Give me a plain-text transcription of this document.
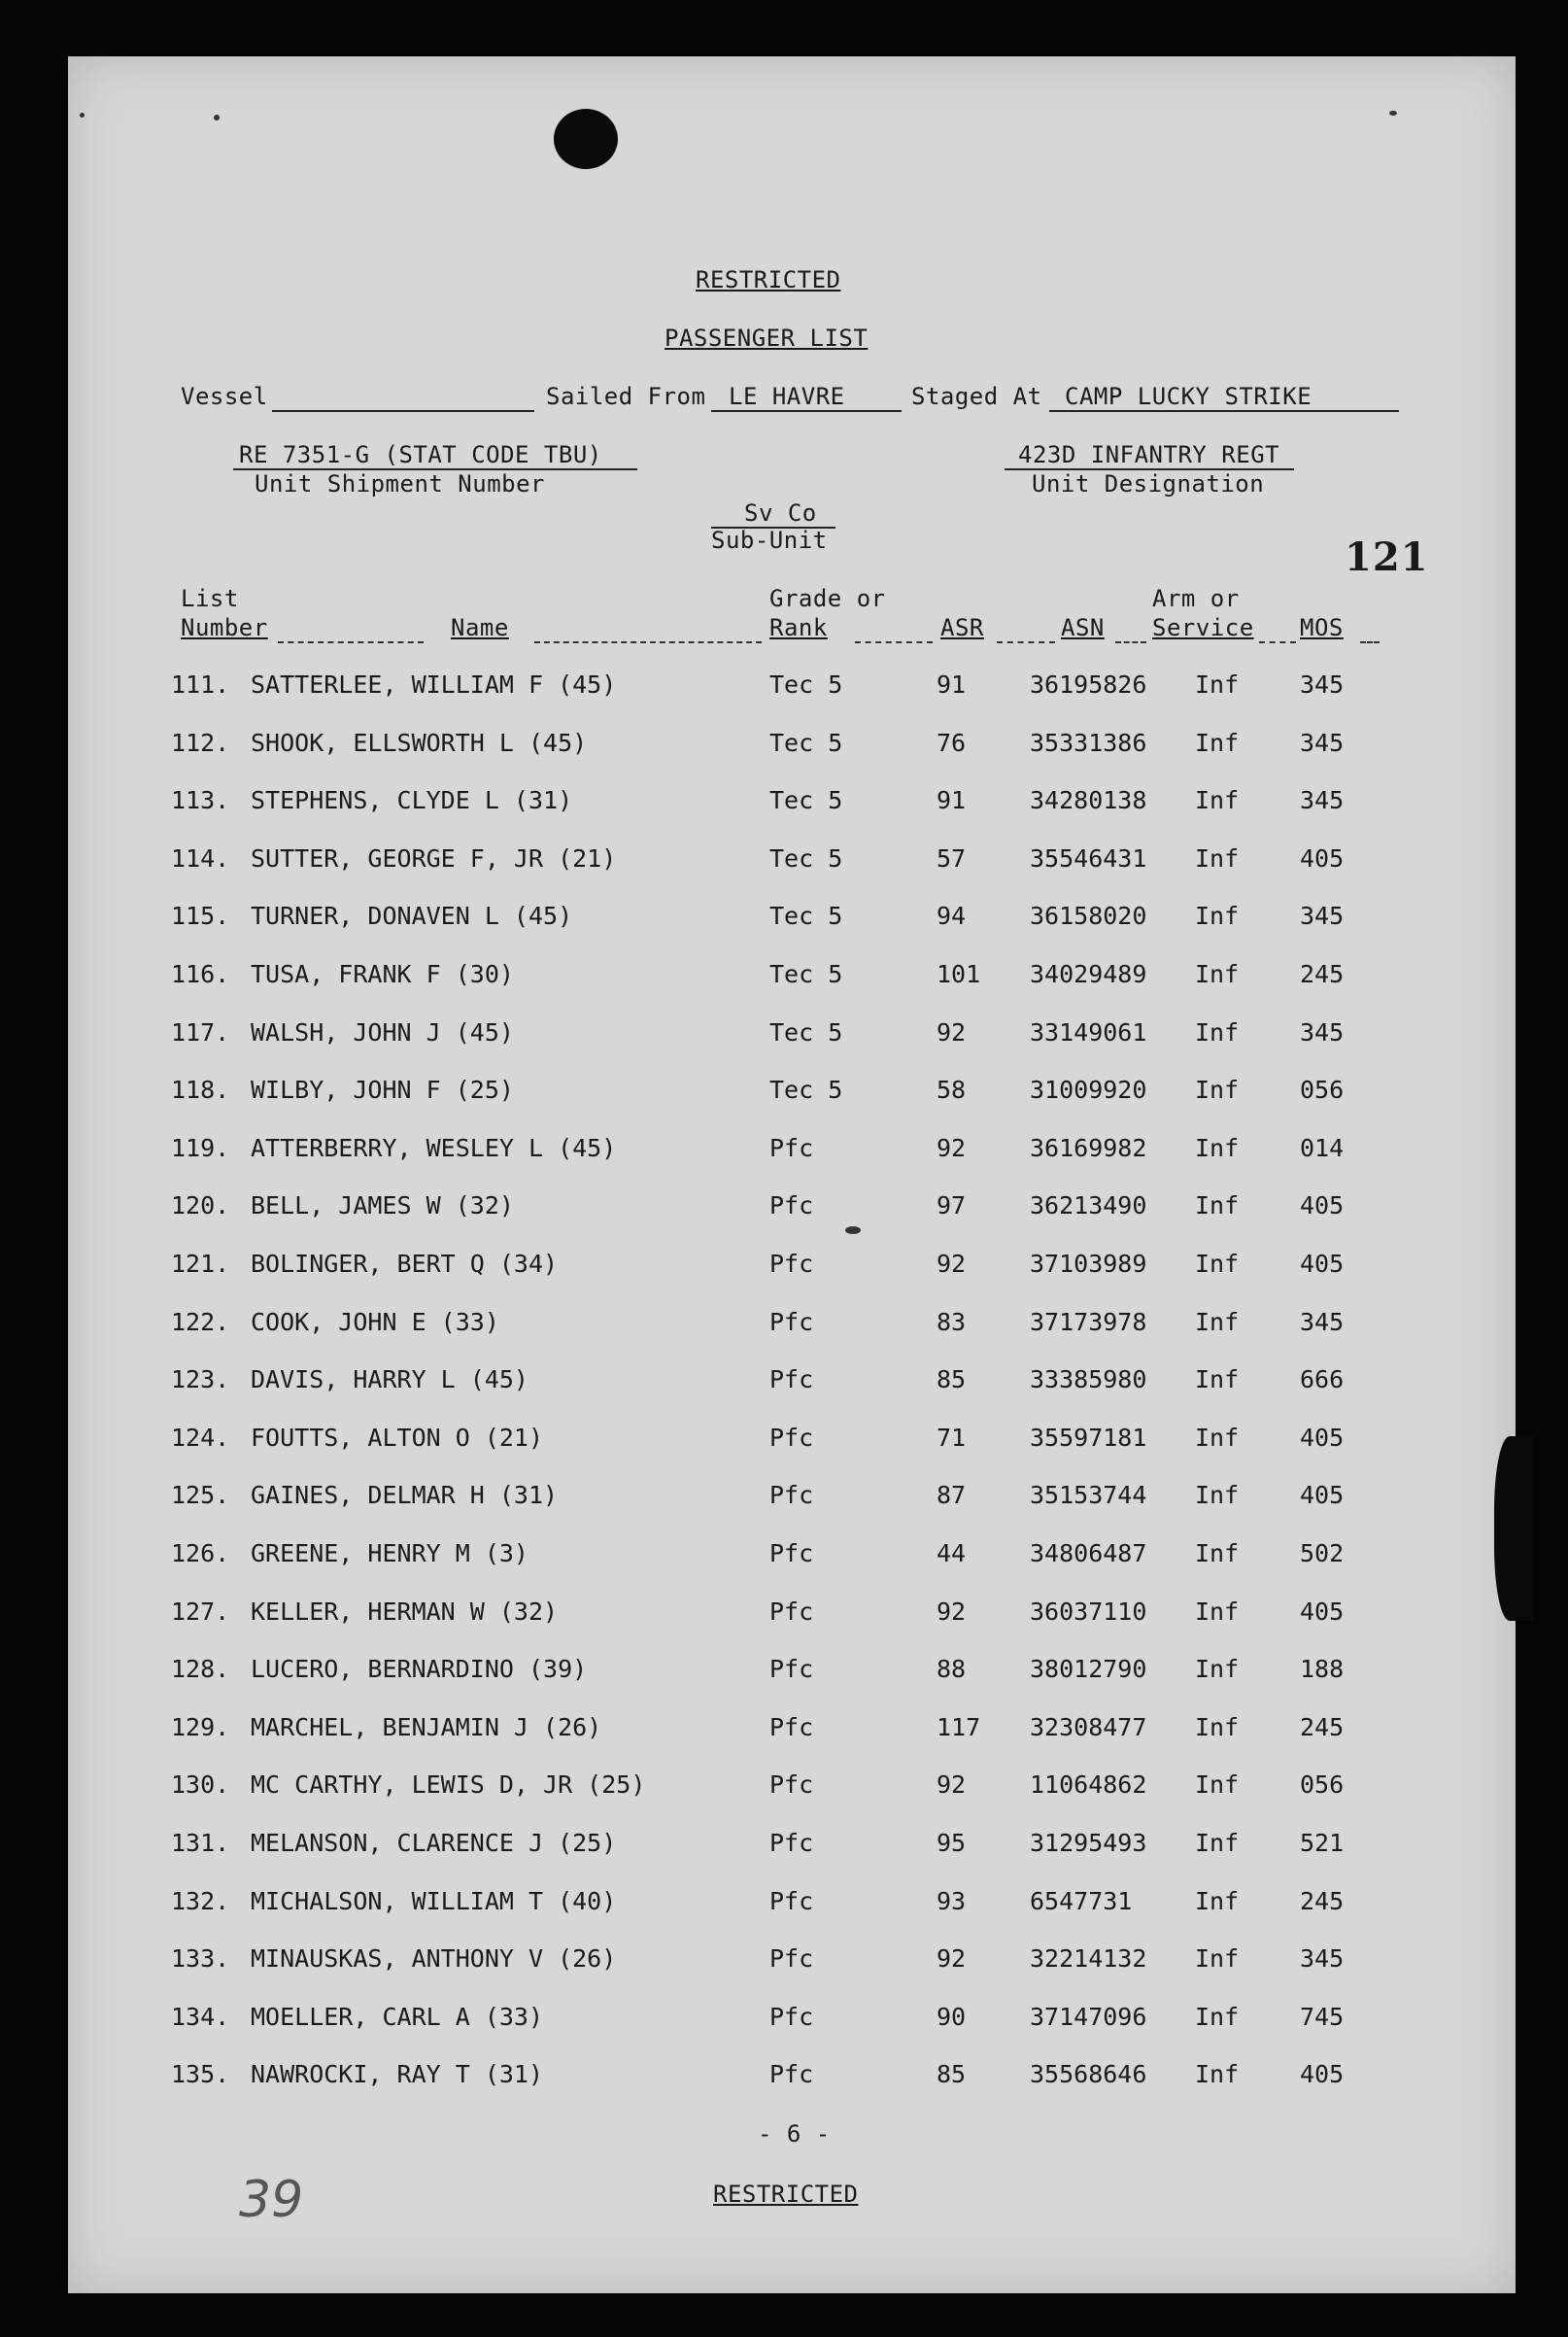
RESTRICTED
PASSENGER LIST
Vessel	Sailed From LE HAVRE	Staged At CAMP LUCKY STRIKE
RE 7351-G (STAT CODE TBU)
Unit Shipment Number
423D INFANTRY REGT
Unit Designation
Sv Co
Sub-Unit	121
List
Number	Name
Grade or
Rank	ASR	ASN
Arm or
Service MOS
111. SATTERLEE, WILLIAM F (45)	Tec 5	91	36195826 Inf	345
112. SHOOK, ELLSWORTH L (45)	Tec 5	76	35331386 Inf	345
113. STEPHENS, CLYDE L (31)	Tec 5	91	34280138 Inf	345
114. SUTTER, GEORGE F, JR (21)	Tec 5	57	35546431 Inf	405
115. TURNER, DONAVEN L (45)	Tec 5	94	36158020 Inf	345
116. TUSA, FRANK F (30)	Tec 5	101 34029489 Inf	245
117. WALSH, JOHN J (45)	Tec 5	92	33149061 Inf	345
118. WILBY, JOHN F (25)	Tec 5	58	31009920 Inf	056
119. ATTERBERRY, WESLEY L (45)	Pfc	92	36169982 Inf	014
120. BELL, JAMES W (32)	Pfc	97	36213490 Inf	405
121. BOLINGER, BERT Q (34)	Pfc	92	37103989 Inf	405
122. COOK, JOHN E (33)	Pfc	83	37173978 Inf	345
123. DAVIS, HARRY L (45)	Pfc	85	33385980 Inf	666
124. FOUTTS, ALTON O (21)	Pfc	71	35597181 Inf	405
125. GAINES, DELMAR H (31)	Pfc	87	35153744 Inf	405
126. GREENE, HENRY M (3)	Pfc	44	34806487 Inf	502
127. KELLER, HERMAN W (32)	Pfc	92	36037110 Inf	405
128. LUCERO, BERNARDINO (39)	Pfc	88	38012790 Inf	188
129. MARCHEL, BENJAMIN J (26)	Pfc	117 32308477 Inf	245
130. MC CARTHY, LEWIS D, JR (25)	Pfc	92	11064862 Inf	056
131. MELANSON, CLARENCE J (25)	Pfc	95	31295493 Inf	521
132. MICHALSON, WILLIAM T (40)	Pfc	93	6547731	Inf	245
133. MINAUSKAS, ANTHONY V (26)	Pfc	92	32214132 Inf	345
134. MOELLER, CARL A (33)	Pfc	90	37147096 Inf	745
135. NAWROCKI, RAY T (31)	Pfc	85	35568646 Inf	405
- 6 -
RESTRICTED
39
